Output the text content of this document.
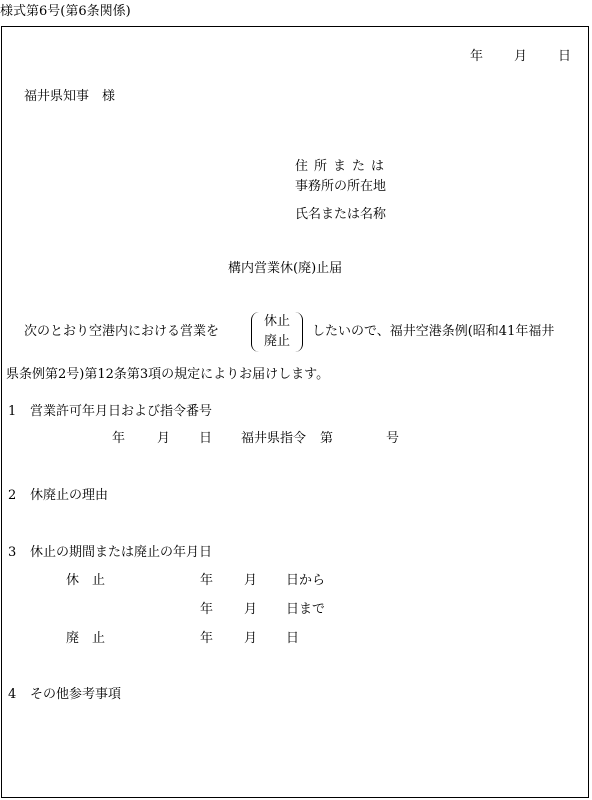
様式第6号(第6条関係)
年 月 日
福井県知事　様
住所または
事務所の所在地
氏名または名称
構内営業休(廃)止届
次のとおり空港内における営業を
休止
廃止
したいので、福井空港条例(昭和41年福井
県条例第2号)第12条第3項の規定によりお届けします。
1 営業許可年月日および指令番号
年 月 日 福井県指令 第	号
2 休廃止の理由
3 休止の期間または廃止の年月日
休　止	年 月 日から
年 月 日まで
廃　止	年 月 日
4 その他参考事項
